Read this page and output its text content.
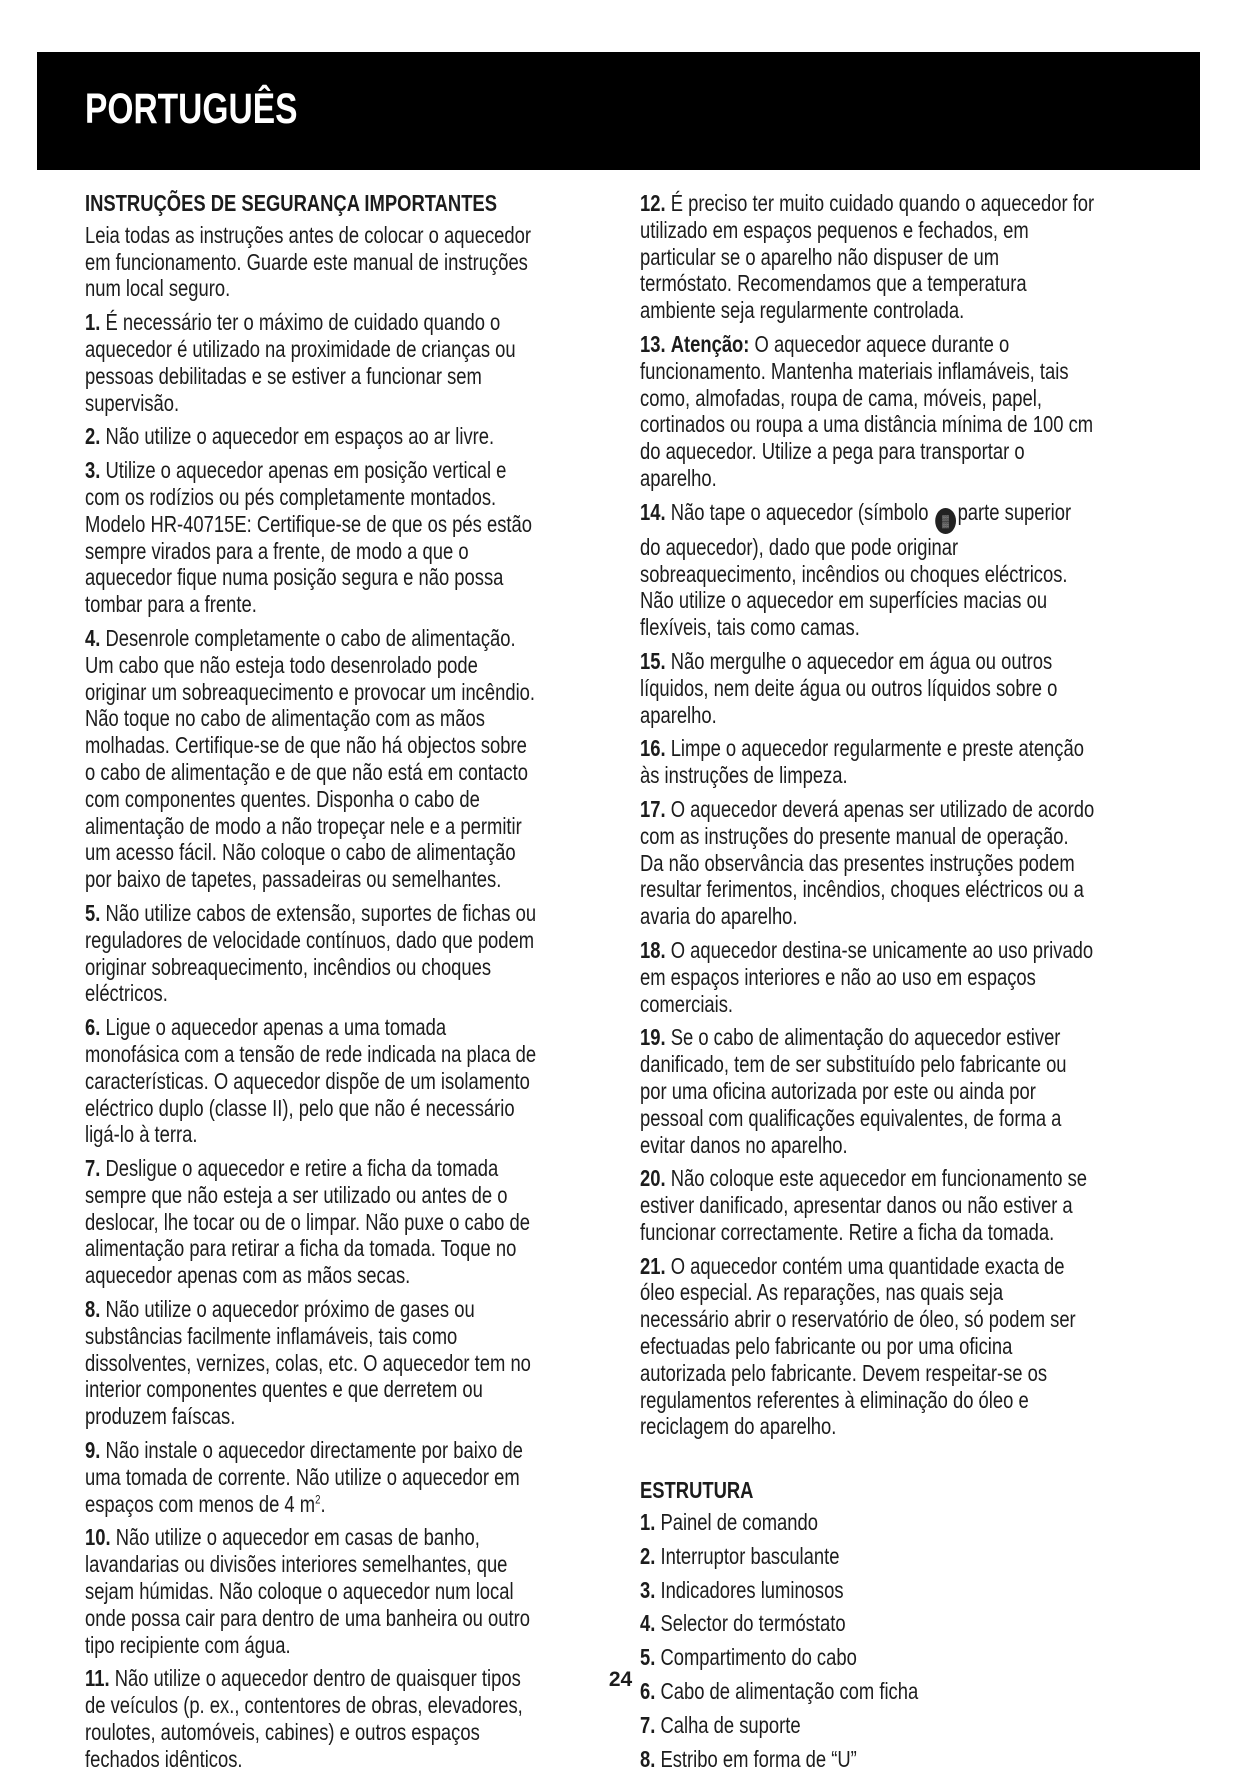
PORTUGUÊS
INSTRUÇÕES DE SEGURANÇA IMPORTANTES
Leia todas as instruções antes de colocar o aquecedor em funcionamento. Guarde este manual de instruções num local seguro.
1. É necessário ter o máximo de cuidado quando o aquecedor é utilizado na proximidade de crianças ou pessoas debilitadas e se estiver a funcionar sem supervisão.
2. Não utilize o aquecedor em espaços ao ar livre.
3. Utilize o aquecedor apenas em posição vertical e com os rodízios ou pés completamente montados. Modelo HR-40715E: Certifique-se de que os pés estão sempre virados para a frente, de modo a que o aquecedor fique numa posição segura e não possa tombar para a frente.
4. Desenrole completamente o cabo de alimentação. Um cabo que não esteja todo desenrolado pode originar um sobreaquecimento e provocar um incêndio. Não toque no cabo de alimentação com as mãos molhadas. Certifique-se de que não há objectos sobre o cabo de alimentação e de que não está em contacto com componentes quentes. Disponha o cabo de alimentação de modo a não tropeçar nele e a permitir um acesso fácil. Não coloque o cabo de alimentação por baixo de tapetes, passadeiras ou semelhantes.
5. Não utilize cabos de extensão, suportes de fichas ou reguladores de velocidade contínuos, dado que podem originar sobreaquecimento, incêndios ou choques eléctricos.
6. Ligue o aquecedor apenas a uma tomada monofásica com a tensão de rede indicada na placa de características. O aquecedor dispõe de um isolamento eléctrico duplo (classe II), pelo que não é necessário ligá-lo à terra.
7. Desligue o aquecedor e retire a ficha da tomada sempre que não esteja a ser utilizado ou antes de o deslocar, lhe tocar ou de o limpar. Não puxe o cabo de alimentação para retirar a ficha da tomada. Toque no aquecedor apenas com as mãos secas.
8. Não utilize o aquecedor próximo de gases ou substâncias facilmente inflamáveis, tais como dissolventes, vernizes, colas, etc. O aquecedor tem no interior componentes quentes e que derretem ou produzem faíscas.
9. Não instale o aquecedor directamente por baixo de uma tomada de corrente. Não utilize o aquecedor em espaços com menos de 4 $m^2$.
10. Não utilize o aquecedor em casas de banho, lavandarias ou divisões interiores semelhantes, que sejam húmidas. Não coloque o aquecedor num local onde possa cair para dentro de uma banheira ou outro tipo recipiente com água.
11. Não utilize o aquecedor dentro de quaisquer tipos de veículos (p. ex., contentores de obras, elevadores, roulotes, automóveis, cabines) e outros espaços fechados idênticos.
12. É preciso ter muito cuidado quando o aquecedor for utilizado em espaços pequenos e fechados, em particular se o aparelho não dispuser de um termóstato. Recomendamos que a temperatura ambiente seja regularmente controlada.
13. Atenção: O aquecedor aquece durante o funcionamento. Mantenha materiais inflamáveis, tais como, almofadas, roupa de cama, móveis, papel, cortinados ou roupa a uma distância mínima de 100 cm do aquecedor. Utilize a pega para transportar o aparelho.
14. Não tape o aquecedor (símbolo ▒ parte superior do aquecedor), dado que pode originar sobreaquecimento, incêndios ou choques eléctricos. Não utilize o aquecedor em superfícies macias ou flexíveis, tais como camas.
15. Não mergulhe o aquecedor em água ou outros líquidos, nem deite água ou outros líquidos sobre o aparelho.
16. Limpe o aquecedor regularmente e preste atenção às instruções de limpeza.
17. O aquecedor deverá apenas ser utilizado de acordo com as instruções do presente manual de operação. Da não observância das presentes instruções podem resultar ferimentos, incêndios, choques eléctricos ou a avaria do aparelho.
18. O aquecedor destina-se unicamente ao uso privado em espaços interiores e não ao uso em espaços comerciais.
19. Se o cabo de alimentação do aquecedor estiver danificado, tem de ser substituído pelo fabricante ou por uma oficina autorizada por este ou ainda por pessoal com qualificações equivalentes, de forma a evitar danos no aparelho.
20. Não coloque este aquecedor em funcionamento se estiver danificado, apresentar danos ou não estiver a funcionar correctamente. Retire a ficha da tomada.
21. O aquecedor contém uma quantidade exacta de óleo especial. As reparações, nas quais seja necessário abrir o reservatório de óleo, só podem ser efectuadas pelo fabricante ou por uma oficina autorizada pelo fabricante. Devem respeitar-se os regulamentos referentes à eliminação do óleo e reciclagem do aparelho.
ESTRUTURA
1. Painel de comando
2. Interruptor basculante
3. Indicadores luminosos
4. Selector do termóstato
5. Compartimento do cabo
6. Cabo de alimentação com ficha
7. Calha de suporte
8. Estribo em forma de “U”
24
